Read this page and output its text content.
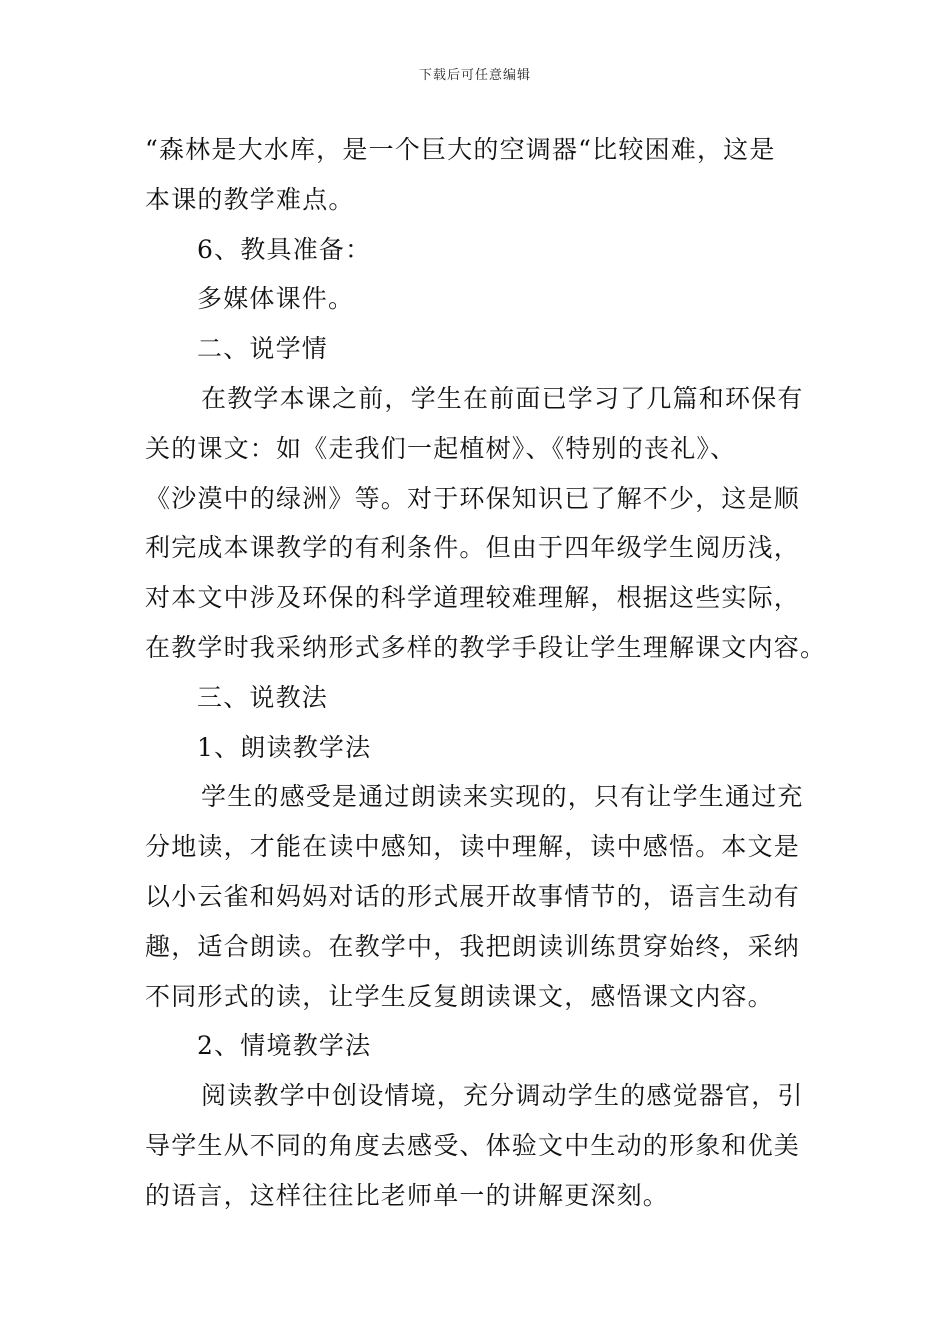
下载后可任意编辑
“森林是大水库，是一个巨大的空调器“比较困难，这是
本课的教学难点。
6、教具准备：
多媒体课件。
二、说学情
在教学本课之前，学生在前面已学习了几篇和环保有
关的课文：如《走我们一起植树》、《特别的丧礼》、
《沙漠中的绿洲》等。对于环保知识已了解不少，这是顺
利完成本课教学的有利条件。但由于四年级学生阅历浅，
对本文中涉及环保的科学道理较难理解，根据这些实际，
在教学时我采纳形式多样的教学手段让学生理解课文内容。
三、说教法
1、朗读教学法
学生的感受是通过朗读来实现的，只有让学生通过充
分地读，才能在读中感知，读中理解，读中感悟。本文是
以小云雀和妈妈对话的形式展开故事情节的，语言生动有
趣，适合朗读。在教学中，我把朗读训练贯穿始终，采纳
不同形式的读，让学生反复朗读课文，感悟课文内容。
2、情境教学法
阅读教学中创设情境，充分调动学生的感觉器官，引
导学生从不同的角度去感受、体验文中生动的形象和优美
的语言，这样往往比老师单一的讲解更深刻。
